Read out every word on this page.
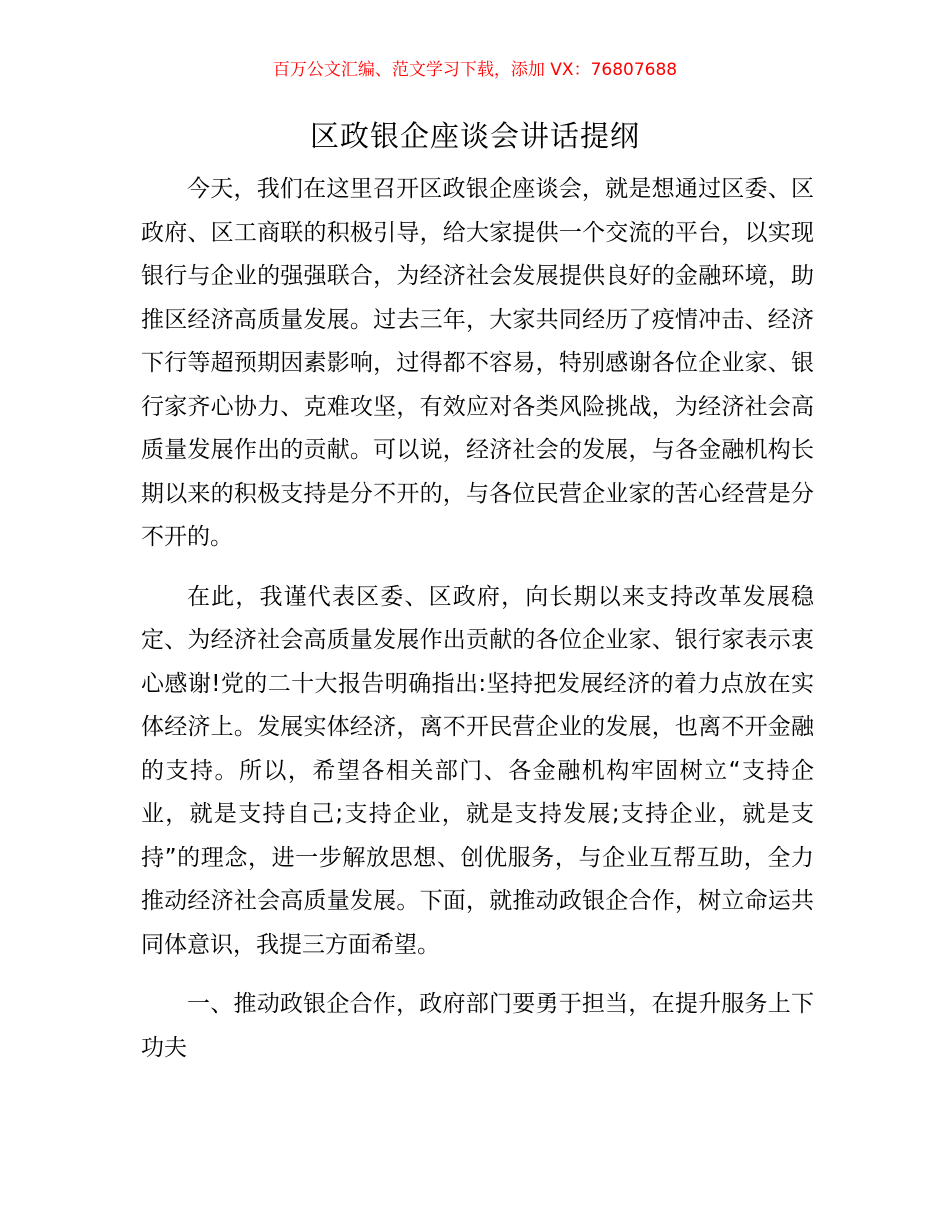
百万公文汇编、范文学习下载，添加 VX：76807688
区政银企座谈会讲话提纲

今天，我们在这里召开区政银企座谈会，就是想通过区委、区政府、区工商联的积极引导，给大家提供一个交流的平台，以实现银行与企业的强强联合，为经济社会发展提供良好的金融环境，助推区经济高质量发展。过去三年，大家共同经历了疫情冲击、经济下行等超预期因素影响，过得都不容易，特别感谢各位企业家、银行家齐心协力、克难攻坚，有效应对各类风险挑战，为经济社会高质量发展作出的贡献。可以说，经济社会的发展，与各金融机构长期以来的积极支持是分不开的，与各位民营企业家的苦心经营是分不开的。

在此，我谨代表区委、区政府，向长期以来支持改革发展稳定、为经济社会高质量发展作出贡献的各位企业家、银行家表示衷心感谢!党的二十大报告明确指出:坚持把发展经济的着力点放在实体经济上。发展实体经济，离不开民营企业的发展，也离不开金融的支持。所以，希望各相关部门、各金融机构牢固树立“支持企业，就是支持自己;支持企业，就是支持发展;支持企业，就是支持”的理念，进一步解放思想、创优服务，与企业互帮互助，全力推动经济社会高质量发展。下面，就推动政银企合作，树立命运共同体意识，我提三方面希望。

一、推动政银企合作，政府部门要勇于担当，在提升服务上下功夫
